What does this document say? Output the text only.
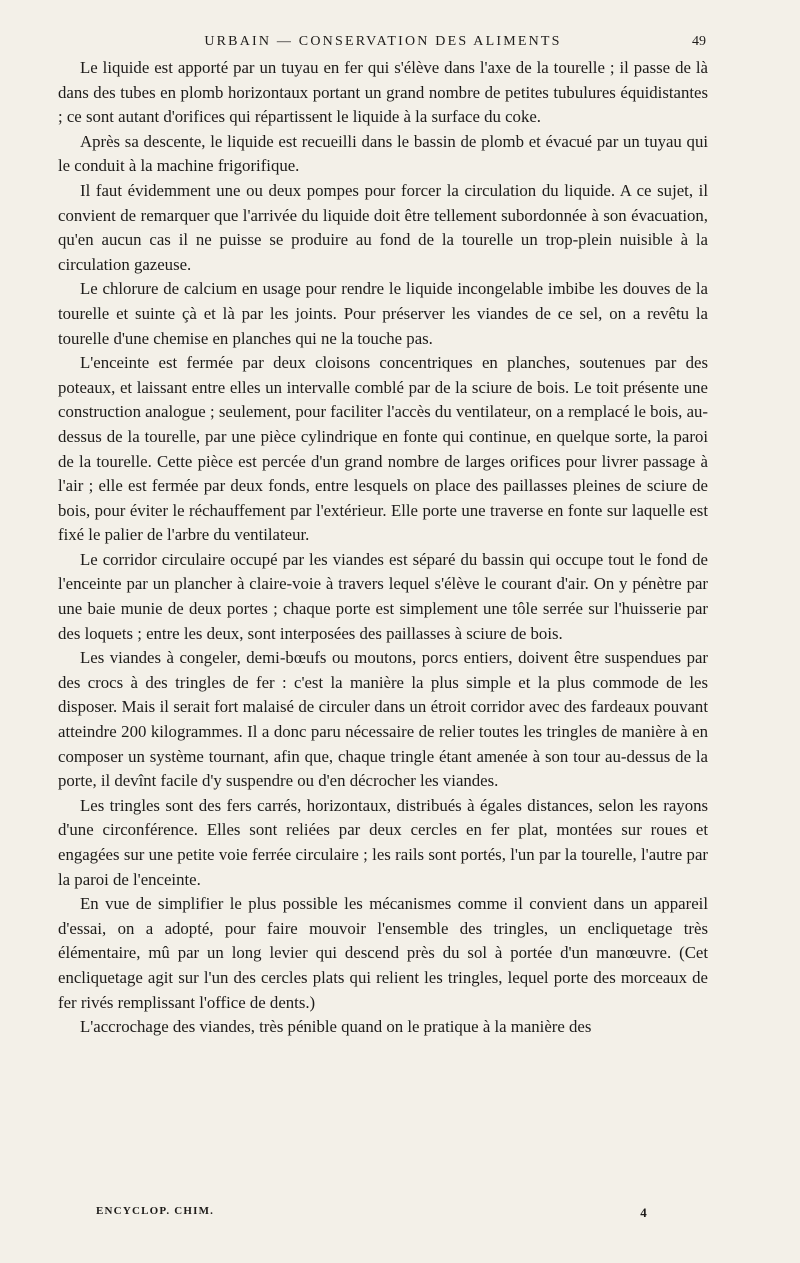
URBAIN — CONSERVATION DES ALIMENTS	49

Le liquide est apporté par un tuyau en fer qui s'élève dans l'axe de la tourelle ; il passe de là dans des tubes en plomb horizontaux portant un grand nombre de petites tubulures équidistantes ; ce sont autant d'orifices qui répartissent le liquide à la surface du coke.

Après sa descente, le liquide est recueilli dans le bassin de plomb et évacué par un tuyau qui le conduit à la machine frigorifique.

Il faut évidemment une ou deux pompes pour forcer la circulation du liquide. A ce sujet, il convient de remarquer que l'arrivée du liquide doit être tellement subordonnée à son évacuation, qu'en aucun cas il ne puisse se produire au fond de la tourelle un trop-plein nuisible à la circulation gazeuse.

Le chlorure de calcium en usage pour rendre le liquide incongelable imbibe les douves de la tourelle et suinte çà et là par les joints. Pour préserver les viandes de ce sel, on a revêtu la tourelle d'une chemise en planches qui ne la touche pas.

L'enceinte est fermée par deux cloisons concentriques en planches, soutenues par des poteaux, et laissant entre elles un intervalle comblé par de la sciure de bois. Le toit présente une construction analogue ; seulement, pour faciliter l'accès du ventilateur, on a remplacé le bois, au-dessus de la tourelle, par une pièce cylindrique en fonte qui continue, en quelque sorte, la paroi de la tourelle. Cette pièce est percée d'un grand nombre de larges orifices pour livrer passage à l'air ; elle est fermée par deux fonds, entre lesquels on place des paillasses pleines de sciure de bois, pour éviter le réchauffement par l'extérieur. Elle porte une traverse en fonte sur laquelle est fixé le palier de l'arbre du ventilateur.

Le corridor circulaire occupé par les viandes est séparé du bassin qui occupe tout le fond de l'enceinte par un plancher à claire-voie à travers lequel s'élève le courant d'air. On y pénètre par une baie munie de deux portes ; chaque porte est simplement une tôle serrée sur l'huisserie par des loquets ; entre les deux, sont interposées des paillasses à sciure de bois.

Les viandes à congeler, demi-bœufs ou moutons, porcs entiers, doivent être suspendues par des crocs à des tringles de fer : c'est la manière la plus simple et la plus commode de les disposer. Mais il serait fort malaisé de circuler dans un étroit corridor avec des fardeaux pouvant atteindre 200 kilogrammes. Il a donc paru nécessaire de relier toutes les tringles de manière à en composer un système tournant, afin que, chaque tringle étant amenée à son tour au-dessus de la porte, il devînt facile d'y suspendre ou d'en décrocher les viandes.

Les tringles sont des fers carrés, horizontaux, distribués à égales distances, selon les rayons d'une circonférence. Elles sont reliées par deux cercles en fer plat, montées sur roues et engagées sur une petite voie ferrée circulaire ; les rails sont portés, l'un par la tourelle, l'autre par la paroi de l'enceinte.

En vue de simplifier le plus possible les mécanismes comme il convient dans un appareil d'essai, on a adopté, pour faire mouvoir l'ensemble des tringles, un encliquetage très élémentaire, mû par un long levier qui descend près du sol à portée d'un manœuvre. (Cet encliquetage agit sur l'un des cercles plats qui relient les tringles, lequel porte des morceaux de fer rivés remplissant l'office de dents.)

L'accrochage des viandes, très pénible quand on le pratique à la manière des

ENCYCLOP. CHIM.	4
